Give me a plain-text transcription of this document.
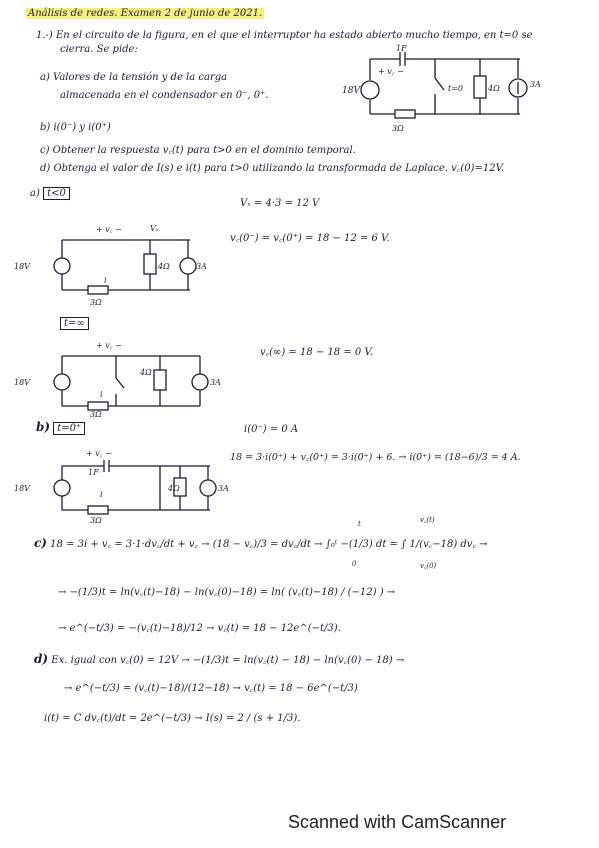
Análisis de redes. Examen 2 de junio de 2021.
1.-) En el circuito de la figura, en el que el interruptor ha estado abierto mucho tiempo, en t=0 se
cierra. Se pide:
a) Valores de la tensión y de la carga
almacenada en el condensador en 0⁻, 0⁺.
b) i(0⁻) y i(0⁺)
c) Obtener la respuesta v꜀(t) para t>0 en el dominio temporal.
d) Obtenga el valor de I(s) e i(t) para t>0 utilizando la transformada de Laplace. v꜀(0)=12V.
1F
+ v꜀ −
18V	t=0	4Ω	3A
3Ω
a) t<0
Vₓ = 4·3 = 12 V
v꜀(0⁻) = v꜀(0⁺) = 18 − 12 = 6 V.
+ v꜀ −	Vₓ
18V	4Ω	3A
i
3Ω
t=∞
v꜀(∞) = 18 − 18 = 0 V.
+ v꜀ −
18V
4Ω
3A
i
3Ω
b) t=0⁺	i(0⁻) = 0 A
18 = 3·i(0⁺) + v꜀(0⁺) = 3·i(0⁺) + 6. → i(0⁺) = (18−6)/3 = 4 A.
+ v꜀ −
1F
18V	4Ω	3A
i
3Ω
c) 18 = 3i + v꜀ = 3·1·dv꜀/dt + v꜀ → (18 − v꜀)/3 = dv꜀/dt → ∫₀ᵗ −(1/3) dt = ∫ 1/(v꜀−18) dv꜀ →
v꜀(t)
v꜀(0)
t
0
→ −(1/3)t = ln(v꜀(t)−18) − ln(v꜀(0)−18) = ln( (v꜀(t)−18) / (−12) ) →
→ e^(−t/3) = −(v꜀(t)−18)/12 → v꜀(t) = 18 − 12e^(−t/3).
d) Ex. igual con v꜀(0) = 12V → −(1/3)t = ln(v꜀(t) − 18) − ln(v꜀(0) − 18) →
→ e^(−t/3) = (v꜀(t)−18)/(12−18) → v꜀(t) = 18 − 6e^(−t/3)
i(t) = C dv꜀(t)/dt = 2e^(−t/3) → I(s) = 2 / (s + 1/3).
Scanned with CamScanner
